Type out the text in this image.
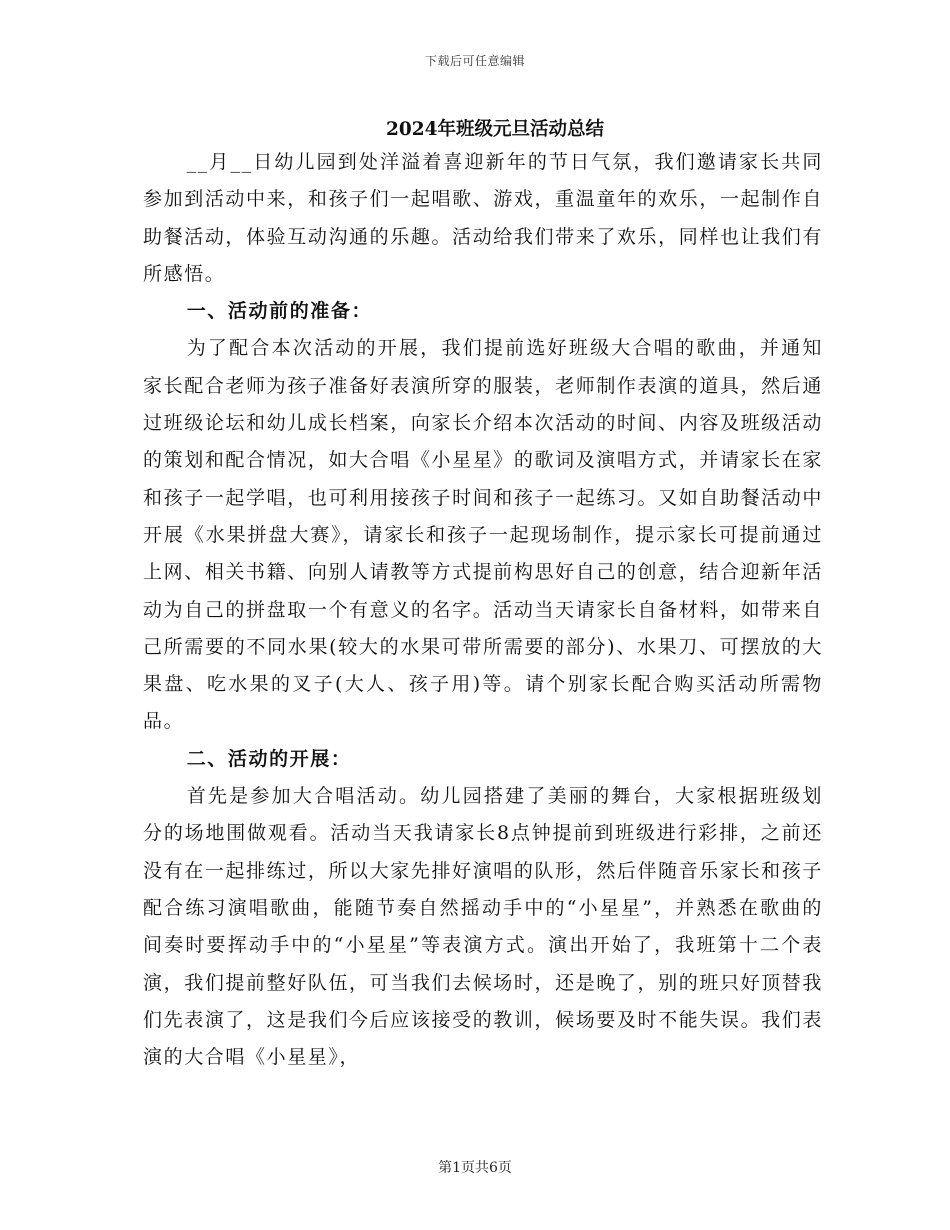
下载后可任意编辑
2024年班级元旦活动总结

__月__日幼儿园到处洋溢着喜迎新年的节日气氛，我们邀请家长共同参加到活动中来，和孩子们一起唱歌、游戏，重温童年的欢乐，一起制作自助餐活动，体验互动沟通的乐趣。活动给我们带来了欢乐，同样也让我们有所感悟。

一、活动前的准备：

为了配合本次活动的开展，我们提前选好班级大合唱的歌曲，并通知家长配合老师为孩子准备好表演所穿的服装，老师制作表演的道具，然后通过班级论坛和幼儿成长档案，向家长介绍本次活动的时间、内容及班级活动的策划和配合情况，如大合唱《小星星》的歌词及演唱方式，并请家长在家和孩子一起学唱，也可利用接孩子时间和孩子一起练习。又如自助餐活动中开展《水果拼盘大赛》，请家长和孩子一起现场制作，提示家长可提前通过上网、相关书籍、向别人请教等方式提前构思好自己的创意，结合迎新年活动为自己的拼盘取一个有意义的名字。活动当天请家长自备材料，如带来自己所需要的不同水果(较大的水果可带所需要的部分)、水果刀、可摆放的大果盘、吃水果的叉子(大人、孩子用)等。请个别家长配合购买活动所需物品。

二、活动的开展：

首先是参加大合唱活动。幼儿园搭建了美丽的舞台，大家根据班级划分的场地围做观看。活动当天我请家长8点钟提前到班级进行彩排，之前还没有在一起排练过，所以大家先排好演唱的队形，然后伴随音乐家长和孩子配合练习演唱歌曲，能随节奏自然摇动手中的“小星星”，并熟悉在歌曲的间奏时要挥动手中的“小星星”等表演方式。演出开始了，我班第十二个表演，我们提前整好队伍，可当我们去候场时，还是晚了，别的班只好顶替我们先表演了，这是我们今后应该接受的教训，候场要及时不能失误。我们表演的大合唱《小星星》，

第1页共6页
